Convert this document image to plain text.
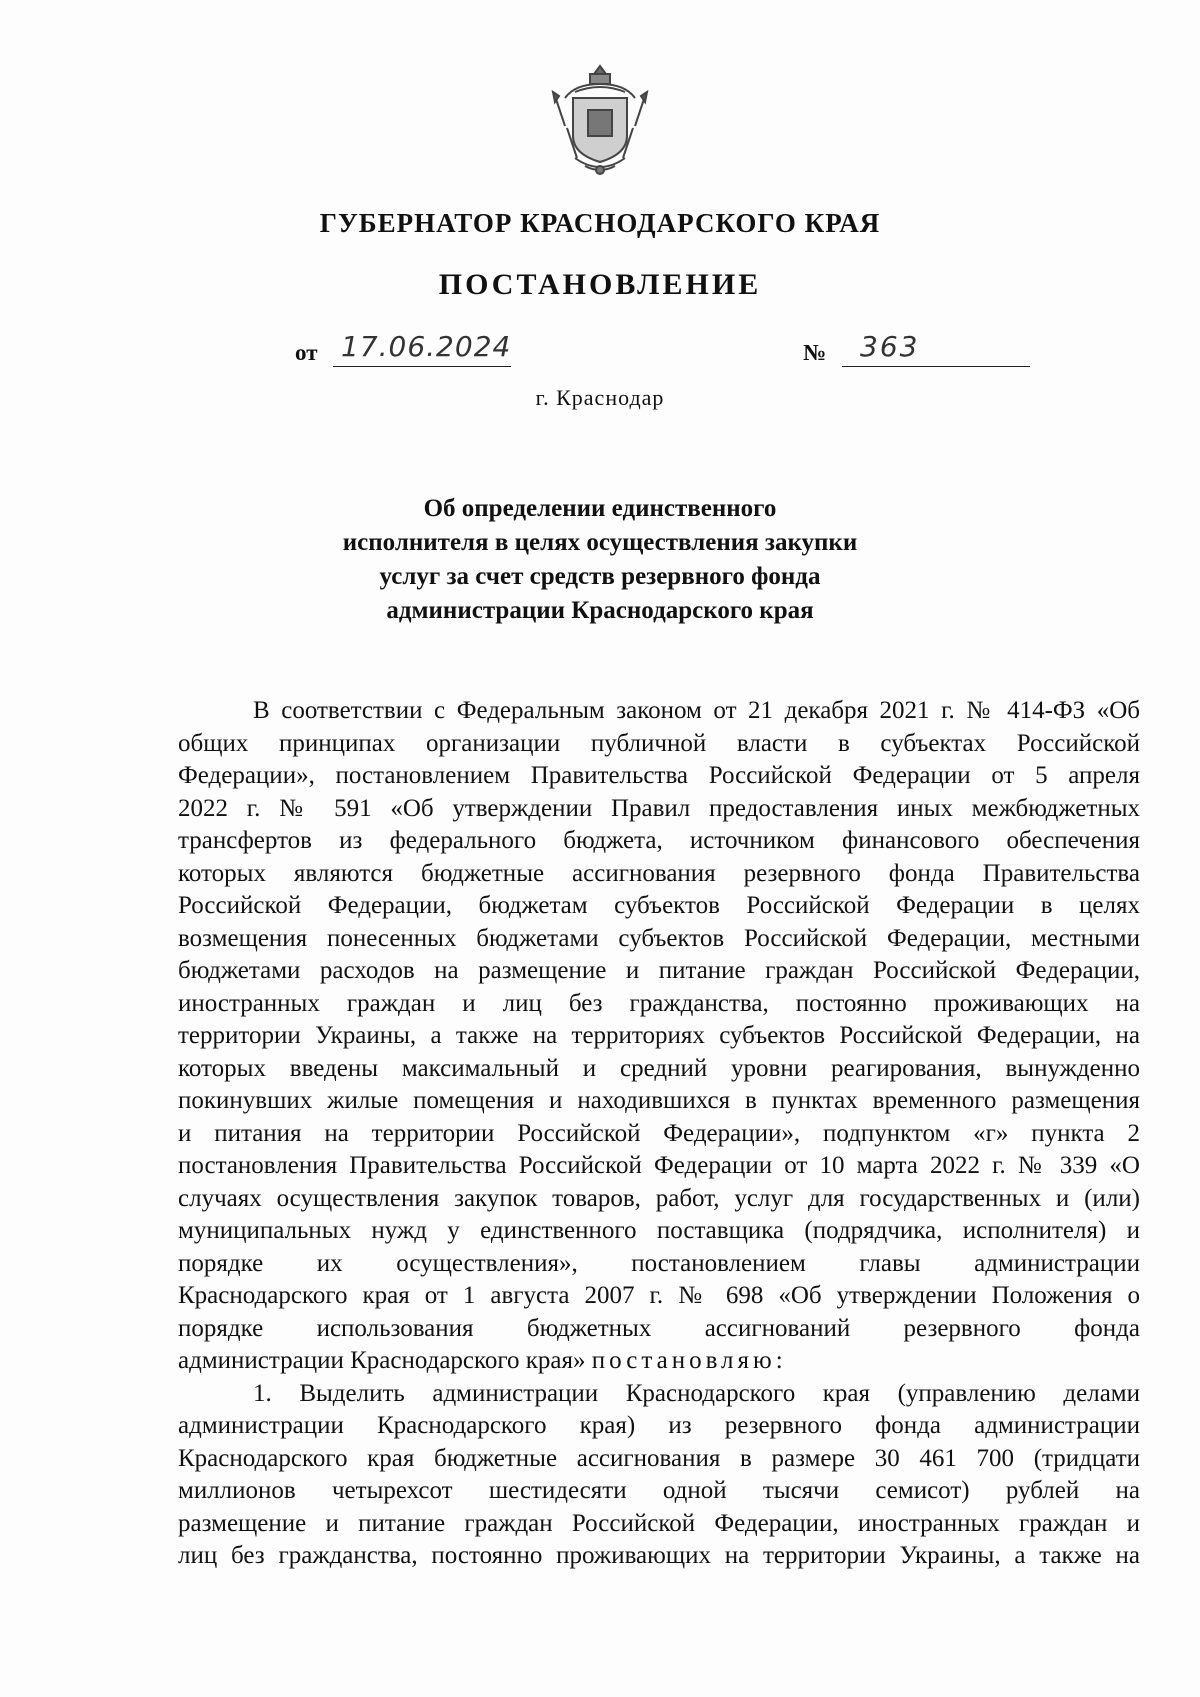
ГУБЕРНАТОР КРАСНОДАРСКОГО КРАЯ
ПОСТАНОВЛЕНИЕ
от 17.06.2024	№ 363
г. Краснодар
Об определении единственного
исполнителя в целях осуществления закупки
услуг за счет средств резервного фонда
администрации Краснодарского края
В соответствии с Федеральным законом от 21 декабря 2021 г. № 414-ФЗ «Об
общих принципах организации публичной власти в субъектах Российской
Федерации», постановлением Правительства Российской Федерации от 5 апреля
2022 г. № 591 «Об утверждении Правил предоставления иных межбюджетных
трансфертов из федерального бюджета, источником финансового обеспечения
которых являются бюджетные ассигнования резервного фонда Правительства
Российской Федерации, бюджетам субъектов Российской Федерации в целях
возмещения понесенных бюджетами субъектов Российской Федерации, местными
бюджетами расходов на размещение и питание граждан Российской Федерации,
иностранных граждан и лиц без гражданства, постоянно проживающих на
территории Украины, а также на территориях субъектов Российской Федерации, на
которых введены максимальный и средний уровни реагирования, вынужденно
покинувших жилые помещения и находившихся в пунктах временного размещения
и питания на территории Российской Федерации», подпунктом «г» пункта 2
постановления Правительства Российской Федерации от 10 марта 2022 г. № 339 «О
случаях осуществления закупок товаров, работ, услуг для государственных и (или)
муниципальных нужд у единственного поставщика (подрядчика, исполнителя) и
порядке их осуществления», постановлением главы администрации
Краснодарского края от 1 августа 2007 г. № 698 «Об утверждении Положения о
порядке использования бюджетных ассигнований резервного фонда
администрации Краснодарского края» постановляю:
1. Выделить администрации Краснодарского края (управлению делами
администрации Краснодарского края) из резервного фонда администрации
Краснодарского края бюджетные ассигнования в размере 30 461 700 (тридцати
миллионов четырехсот шестидесяти одной тысячи семисот) рублей на
размещение и питание граждан Российской Федерации, иностранных граждан и
лиц без гражданства, постоянно проживающих на территории Украины, а также на
